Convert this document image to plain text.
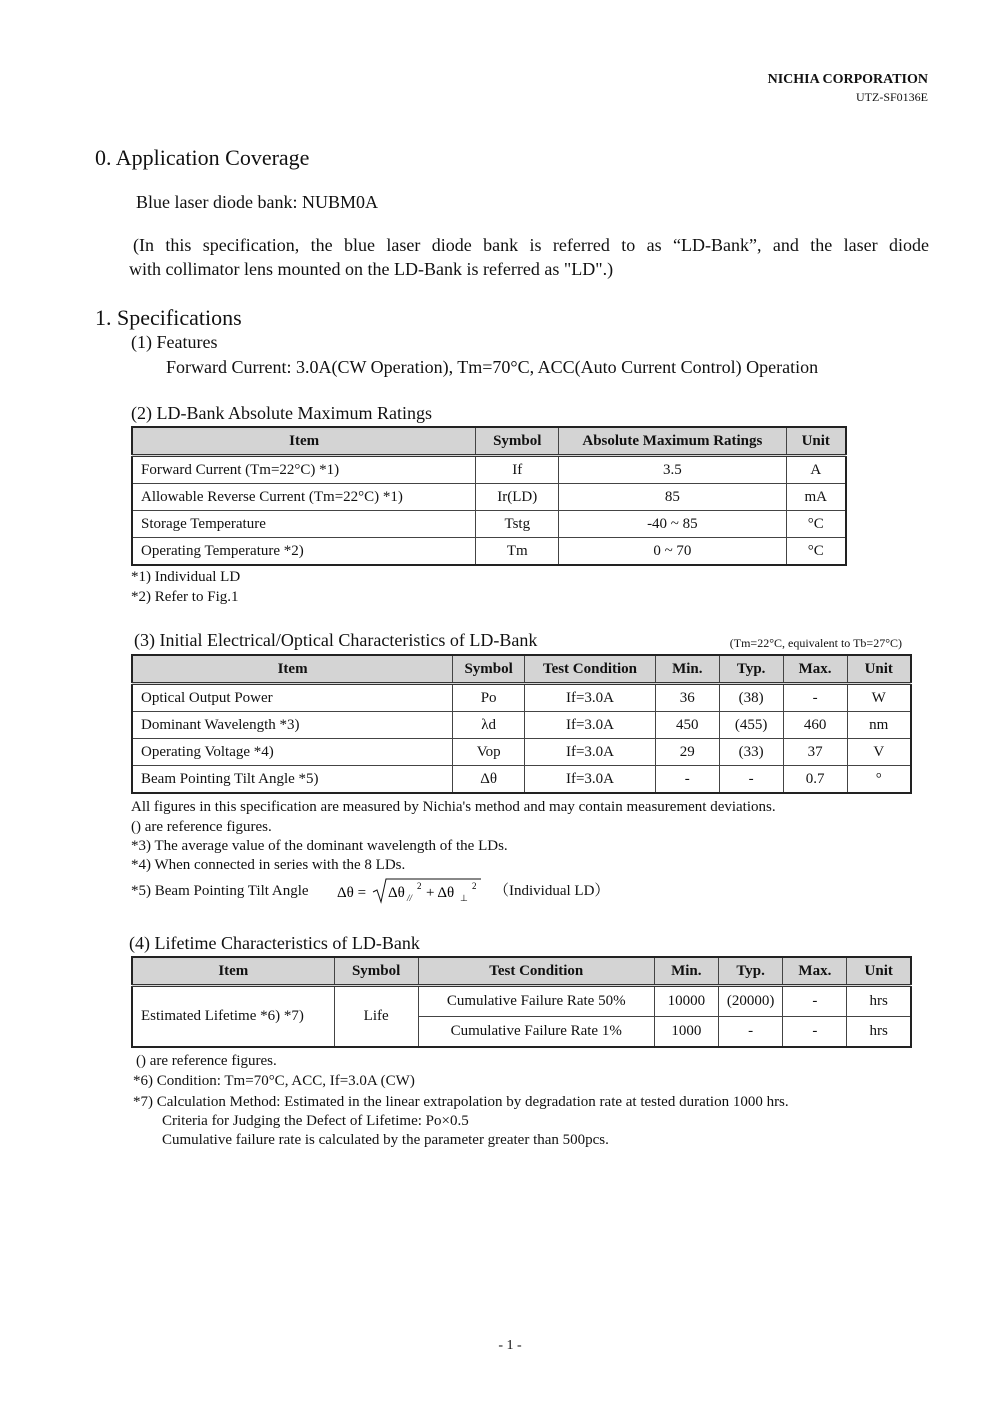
NICHIA CORPORATION
UTZ-SF0136E
0. Application Coverage
Blue laser diode bank: NUBM0A
(In this specification, the blue laser diode bank is referred to as “LD-Bank”, and the laser diode
with collimator lens mounted on the LD-Bank is referred as "LD".)
1. Specifications
(1) Features
Forward Current: 3.0A(CW Operation), Tm=70°C, ACC(Auto Current Control) Operation
(2) LD-Bank Absolute Maximum Ratings
Item	Symbol	Absolute Maximum Ratings	Unit
Forward Current (Tm=22°C) *1)	If	3.5	A
Allowable Reverse Current (Tm=22°C) *1)	Ir(LD)	85	mA
Storage Temperature	Tstg	-40 ~ 85	°C
Operating Temperature *2)	Tm	0 ~ 70	°C
*1) Individual LD
*2) Refer to Fig.1
(3) Initial Electrical/Optical Characteristics of LD-Bank	(Tm=22°C, equivalent to Tb=27°C)
Item	Symbol	Test Condition	Min.	Typ.	Max.	Unit
Optical Output Power	Po	If=3.0A	36	(38)	-	W
Dominant Wavelength *3)	λd	If=3.0A	450	(455)	460	nm
Operating Voltage *4)	Vop	If=3.0A	29	(33)	37	V
Beam Pointing Tilt Angle *5)	Δθ	If=3.0A	-	-	0.7	°
All figures in this specification are measured by Nichia's method and may contain measurement deviations.
() are reference figures.
*3) The average value of the dominant wavelength of the LDs.
*4) When connected in series with the 8 LDs.
*5) Beam Pointing Tilt Angle Δθ = Δθ //
2 + Δθ ⊥
2 （Individual LD）
(4) Lifetime Characteristics of LD-Bank
Item	Symbol	Test Condition	Min.	Typ.	Max.	Unit
Estimated Lifetime *6) *7)	Life	Cumulative Failure Rate 50%	10000	(20000)	-	hrs
		Cumulative Failure Rate 1%	1000	-	-	hrs
() are reference figures.
*6) Condition: Tm=70°C, ACC, If=3.0A (CW)
*7) Calculation Method: Estimated in the linear extrapolation by degradation rate at tested duration 1000 hrs.
Criteria for Judging the Defect of Lifetime: Po×0.5
Cumulative failure rate is calculated by the parameter greater than 500pcs.
- 1 -
